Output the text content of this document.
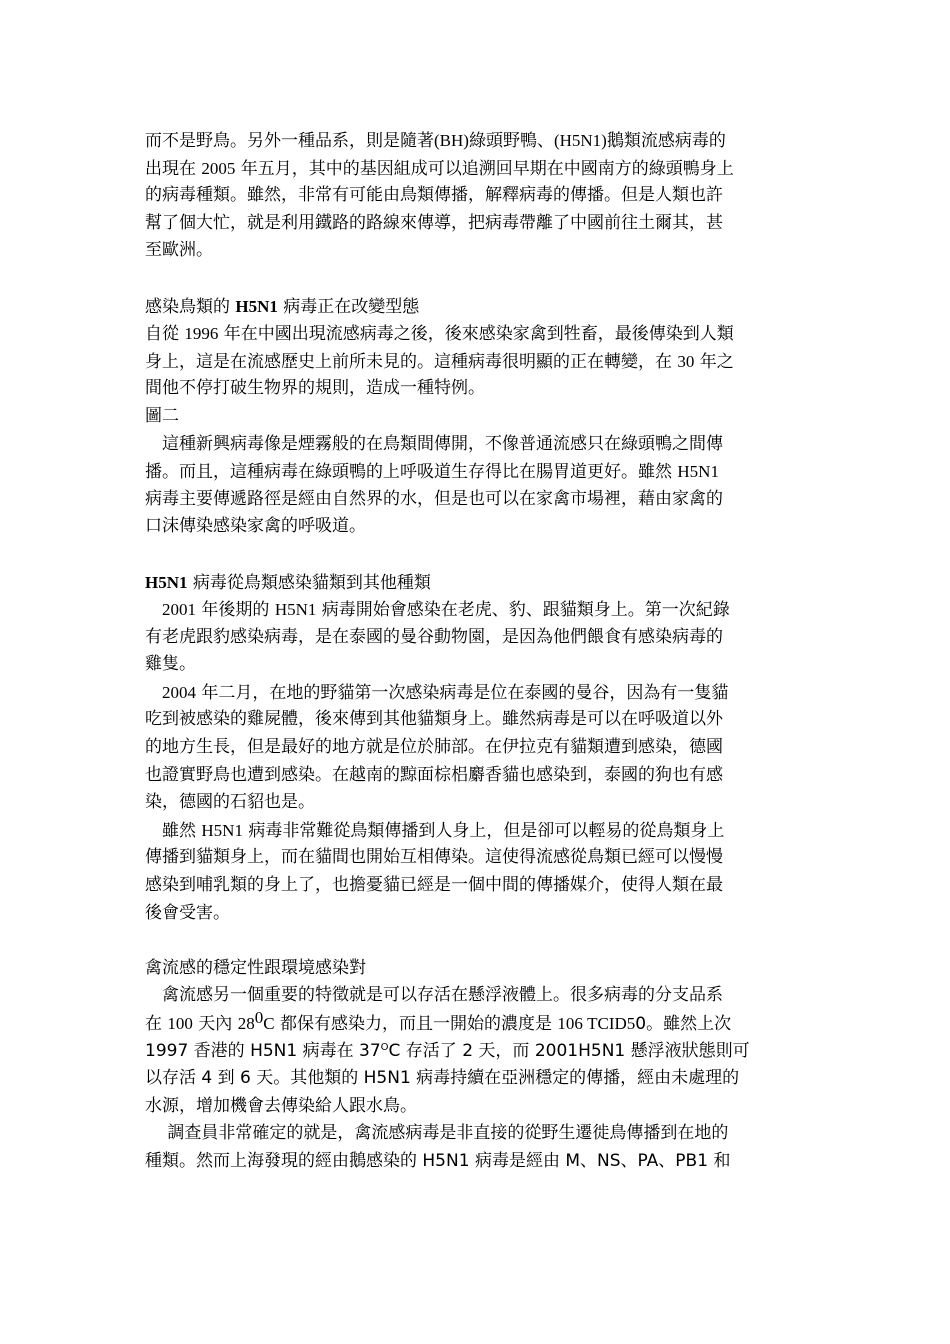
而不是野鳥。另外一種品系，則是隨著(BH)綠頭野鴨、(H5N1)鵝類流感病毒的
出現在 2005 年五月，其中的基因組成可以追溯回早期在中國南方的綠頭鴨身上
的病毒種類。雖然，非常有可能由鳥類傳播，解釋病毒的傳播。但是人類也許
幫了個大忙，就是利用鐵路的路線來傳導，把病毒帶離了中國前往土爾其，甚
至歐洲。
感染鳥類的 H5N1 病毒正在改變型態
自從 1996 年在中國出現流感病毒之後，後來感染家禽到牲畜，最後傳染到人類
身上，這是在流感歷史上前所未見的。這種病毒很明顯的正在轉變，在 30 年之
間他不停打破生物界的規則，造成一種特例。
圖二
　這種新興病毒像是煙霧般的在鳥類間傳開，不像普通流感只在綠頭鴨之間傳
播。而且，這種病毒在綠頭鴨的上呼吸道生存得比在腸胃道更好。雖然 H5N1
病毒主要傳遞路徑是經由自然界的水，但是也可以在家禽市場裡，藉由家禽的
口沫傳染感染家禽的呼吸道。
H5N1 病毒從鳥類感染貓類到其他種類
　2001 年後期的 H5N1 病毒開始會感染在老虎、豹、跟貓類身上。第一次紀錄
有老虎跟豹感染病毒，是在泰國的曼谷動物園，是因為他們餵食有感染病毒的
雞隻。
　2004 年二月，在地的野貓第一次感染病毒是位在泰國的曼谷，因為有一隻貓
吃到被感染的雞屍體，後來傳到其他貓類身上。雖然病毒是可以在呼吸道以外
的地方生長，但是最好的地方就是位於肺部。在伊拉克有貓類遭到感染，德國
也證實野鳥也遭到感染。在越南的黥面棕梠麝香貓也感染到，泰國的狗也有感
染，德國的石貂也是。
　雖然 H5N1 病毒非常難從鳥類傳播到人身上，但是卻可以輕易的從鳥類身上
傳播到貓類身上，而在貓間也開始互相傳染。這使得流感從鳥類已經可以慢慢
感染到哺乳類的身上了，也擔憂貓已經是一個中間的傳播媒介，使得人類在最
後會受害。
禽流感的穩定性跟環境感染對
　禽流感另一個重要的特徵就是可以存活在懸浮液體上。很多病毒的分支品系
在 100 天內 $28^0C$ 都保有感染力，而且一開始的濃度是 106 TCID50。雖然上次
1997 香港的 H5N1 病毒在 $37^OC$ 存活了 2 天，而 2001H5N1 懸浮液狀態則可
以存活 4 到 6 天。其他類的 H5N1 病毒持續在亞洲穩定的傳播，經由未處理的
水源，增加機會去傳染給人跟水鳥。
　 調查員非常確定的就是，禽流感病毒是非直接的從野生遷徙鳥傳播到在地的
種類。然而上海發現的經由鵝感染的 H5N1 病毒是經由 M、NS、PA、PB1 和
